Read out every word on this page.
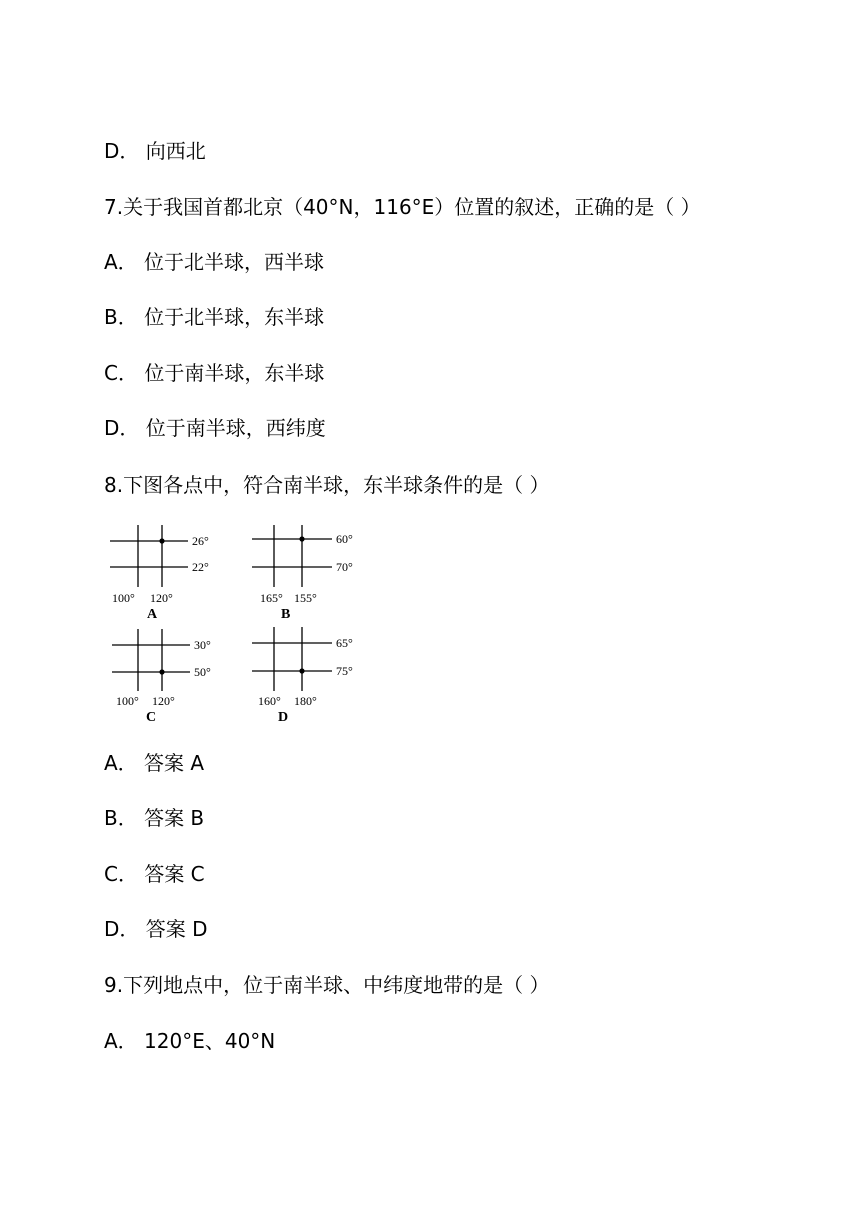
D． 向西北
7.关于我国首都北京（40°N，116°E）位置的叙述，正确的是（ ）
A． 位于北半球，西半球
B． 位于北半球，东半球
C． 位于南半球，东半球
D． 位于南半球，西纬度
8.下图各点中，符合南半球，东半球条件的是（ ）
26°
22°
100° 120°
A
60°
70°
165° 155°
B
30°
50°
100° 120°
C
65°
75°
160° 180°
D
A． 答案 A
B． 答案 B
C． 答案 C
D． 答案 D
9.下列地点中，位于南半球、中纬度地带的是（ ）
A． 120°E、40°N
